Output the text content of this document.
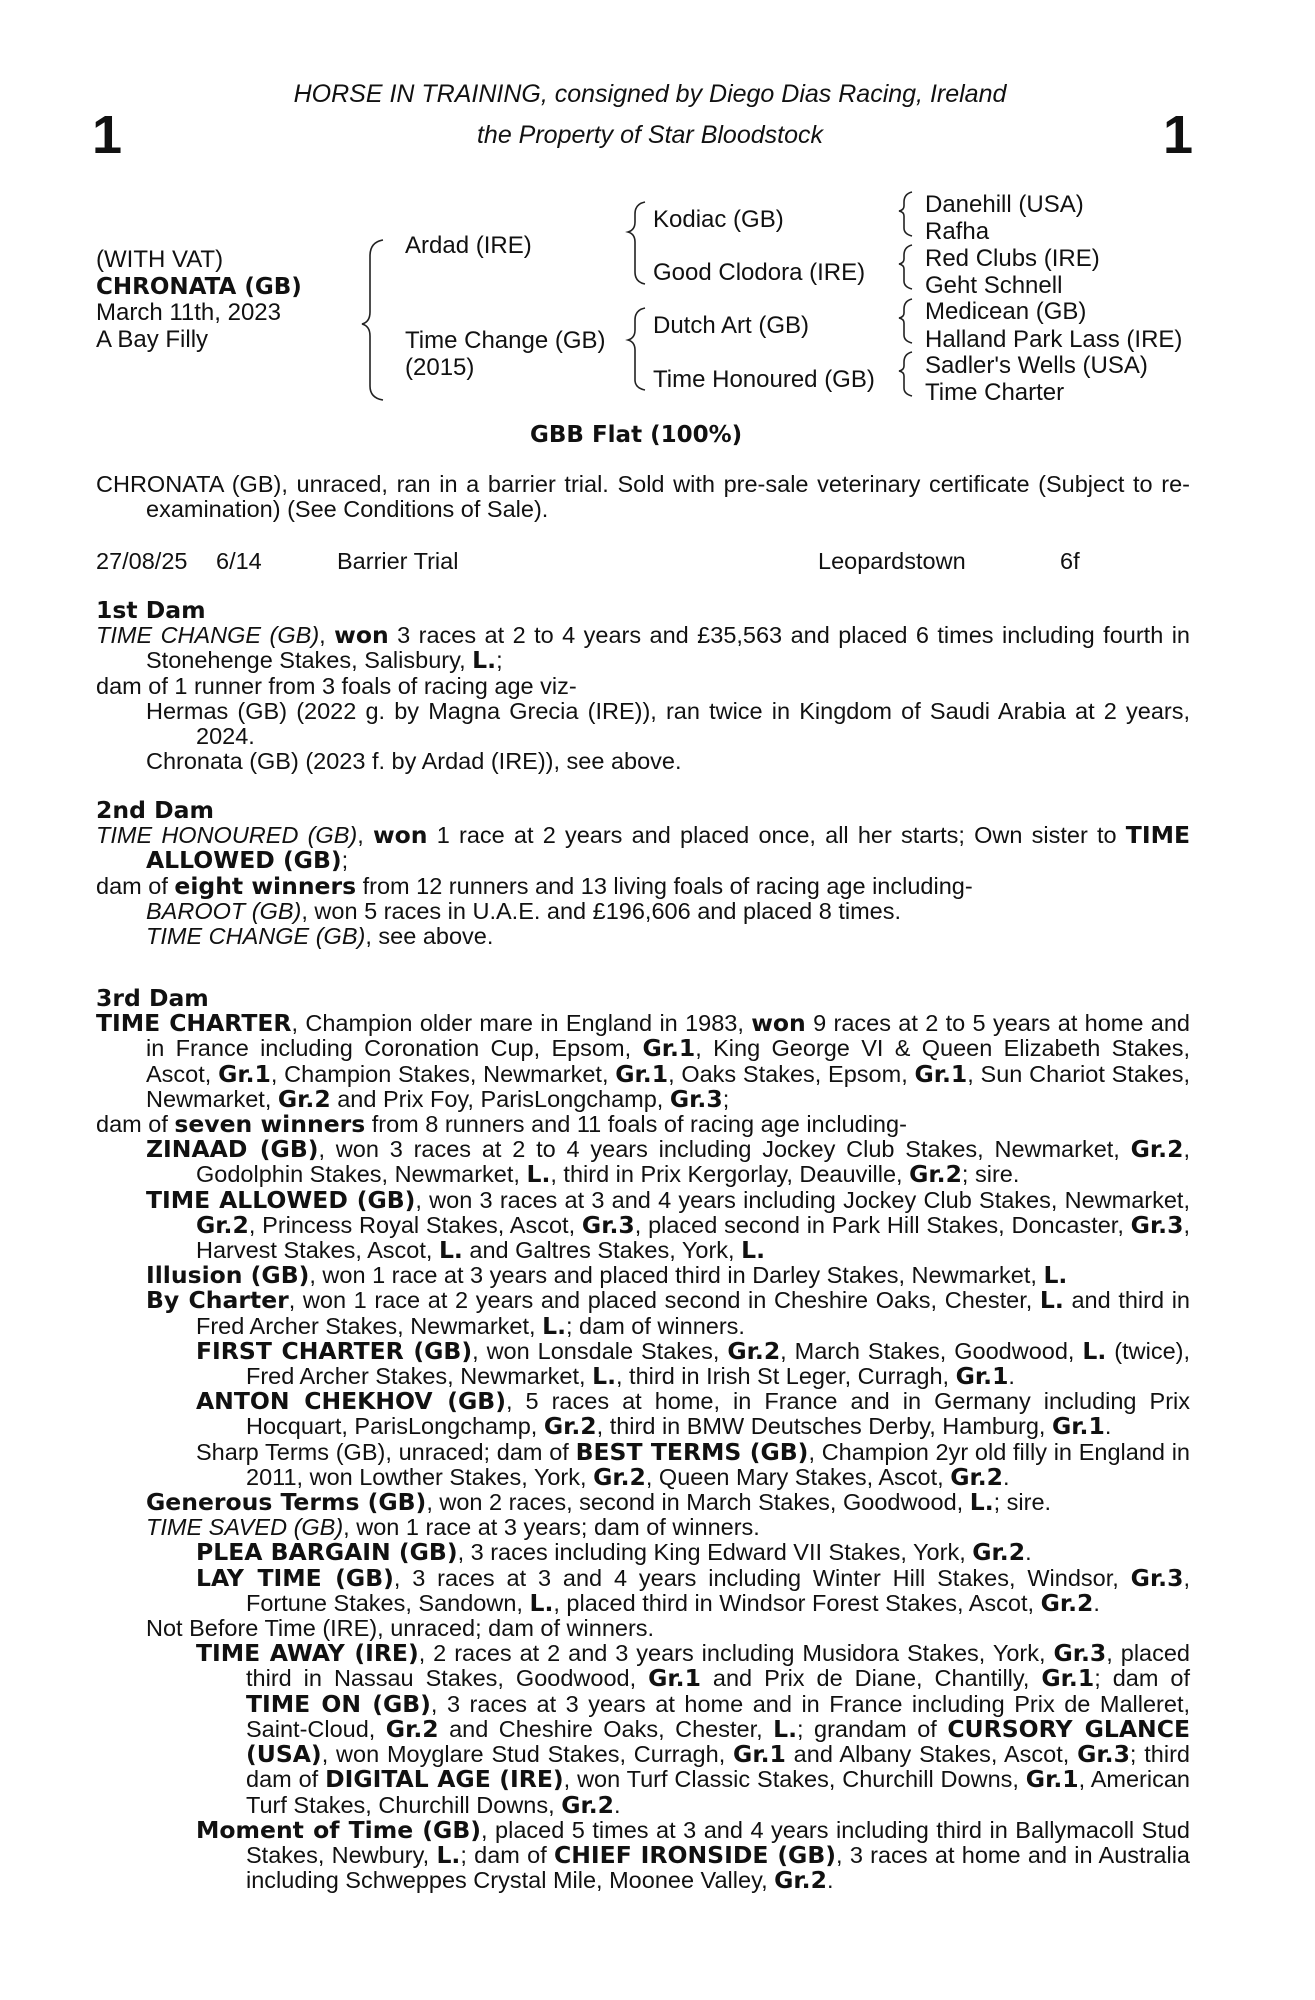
1	1
HORSE IN TRAINING, consigned by Diego Dias Racing, Ireland
the Property of Star Bloodstock
(WITH VAT)
CHRONATA (GB)
March 11th, 2023
A Bay Filly
Ardad (IRE)
Time Change (GB)
(2015)
Kodiac (GB)
Good Clodora (IRE)
Dutch Art (GB)
Time Honoured (GB)
Danehill (USA)
Rafha
Red Clubs (IRE)
Geht Schnell
Medicean (GB)
Halland Park Lass (IRE)
Sadler's Wells (USA)
Time Charter
GBB Flat (100%)

CHRONATA (GB), unraced, ran in a barrier trial. Sold with pre-sale veterinary certificate (Subject to re-examination) (See Conditions of Sale).

27/08/25 6/14	Barrier Trial	Leopardstown	6f

1st Dam

TIME CHANGE (GB), won 3 races at 2 to 4 years and £35,563 and placed 6 times including fourth in Stonehenge Stakes, Salisbury, L.;

dam of 1 runner from 3 foals of racing age viz-

Hermas (GB) (2022 g. by Magna Grecia (IRE)), ran twice in Kingdom of Saudi Arabia at 2 years, 2024.

Chronata (GB) (2023 f. by Ardad (IRE)), see above.

2nd Dam

TIME HONOURED (GB), won 1 race at 2 years and placed once, all her starts; Own sister to TIME ALLOWED (GB);

dam of eight winners from 12 runners and 13 living foals of racing age including-

BAROOT (GB), won 5 races in U.A.E. and £196,606 and placed 8 times.

TIME CHANGE (GB), see above.

3rd Dam

TIME CHARTER, Champion older mare in England in 1983, won 9 races at 2 to 5 years at home and in France including Coronation Cup, Epsom, Gr.1, King George VI & Queen Elizabeth Stakes, Ascot, Gr.1, Champion Stakes, Newmarket, Gr.1, Oaks Stakes, Epsom, Gr.1, Sun Chariot Stakes, Newmarket, Gr.2 and Prix Foy, ParisLongchamp, Gr.3;

dam of seven winners from 8 runners and 11 foals of racing age including-

ZINAAD (GB), won 3 races at 2 to 4 years including Jockey Club Stakes, Newmarket, Gr.2, Godolphin Stakes, Newmarket, L., third in Prix Kergorlay, Deauville, Gr.2; sire.

TIME ALLOWED (GB), won 3 races at 3 and 4 years including Jockey Club Stakes, Newmarket, Gr.2, Princess Royal Stakes, Ascot, Gr.3, placed second in Park Hill Stakes, Doncaster, Gr.3, Harvest Stakes, Ascot, L. and Galtres Stakes, York, L.

Illusion (GB), won 1 race at 3 years and placed third in Darley Stakes, Newmarket, L.

By Charter, won 1 race at 2 years and placed second in Cheshire Oaks, Chester, L. and third in Fred Archer Stakes, Newmarket, L.; dam of winners.

FIRST CHARTER (GB), won Lonsdale Stakes, Gr.2, March Stakes, Goodwood, L. (twice), Fred Archer Stakes, Newmarket, L., third in Irish St Leger, Curragh, Gr.1.

ANTON CHEKHOV (GB), 5 races at home, in France and in Germany including Prix Hocquart, ParisLongchamp, Gr.2, third in BMW Deutsches Derby, Hamburg, Gr.1.

Sharp Terms (GB), unraced; dam of BEST TERMS (GB), Champion 2yr old filly in England in 2011, won Lowther Stakes, York, Gr.2, Queen Mary Stakes, Ascot, Gr.2.

Generous Terms (GB), won 2 races, second in March Stakes, Goodwood, L.; sire.

TIME SAVED (GB), won 1 race at 3 years; dam of winners.

PLEA BARGAIN (GB), 3 races including King Edward VII Stakes, York, Gr.2.

LAY TIME (GB), 3 races at 3 and 4 years including Winter Hill Stakes, Windsor, Gr.3, Fortune Stakes, Sandown, L., placed third in Windsor Forest Stakes, Ascot, Gr.2.

Not Before Time (IRE), unraced; dam of winners.

TIME AWAY (IRE), 2 races at 2 and 3 years including Musidora Stakes, York, Gr.3, placed third in Nassau Stakes, Goodwood, Gr.1 and Prix de Diane, Chantilly, Gr.1; dam of TIME ON (GB), 3 races at 3 years at home and in France including Prix de Malleret, Saint-Cloud, Gr.2 and Cheshire Oaks, Chester, L.; grandam of CURSORY GLANCE (USA), won Moyglare Stud Stakes, Curragh, Gr.1 and Albany Stakes, Ascot, Gr.3; third dam of DIGITAL AGE (IRE), won Turf Classic Stakes, Churchill Downs, Gr.1, American Turf Stakes, Churchill Downs, Gr.2.

Moment of Time (GB), placed 5 times at 3 and 4 years including third in Ballymacoll Stud Stakes, Newbury, L.; dam of CHIEF IRONSIDE (GB), 3 races at home and in Australia including Schweppes Crystal Mile, Moonee Valley, Gr.2.
